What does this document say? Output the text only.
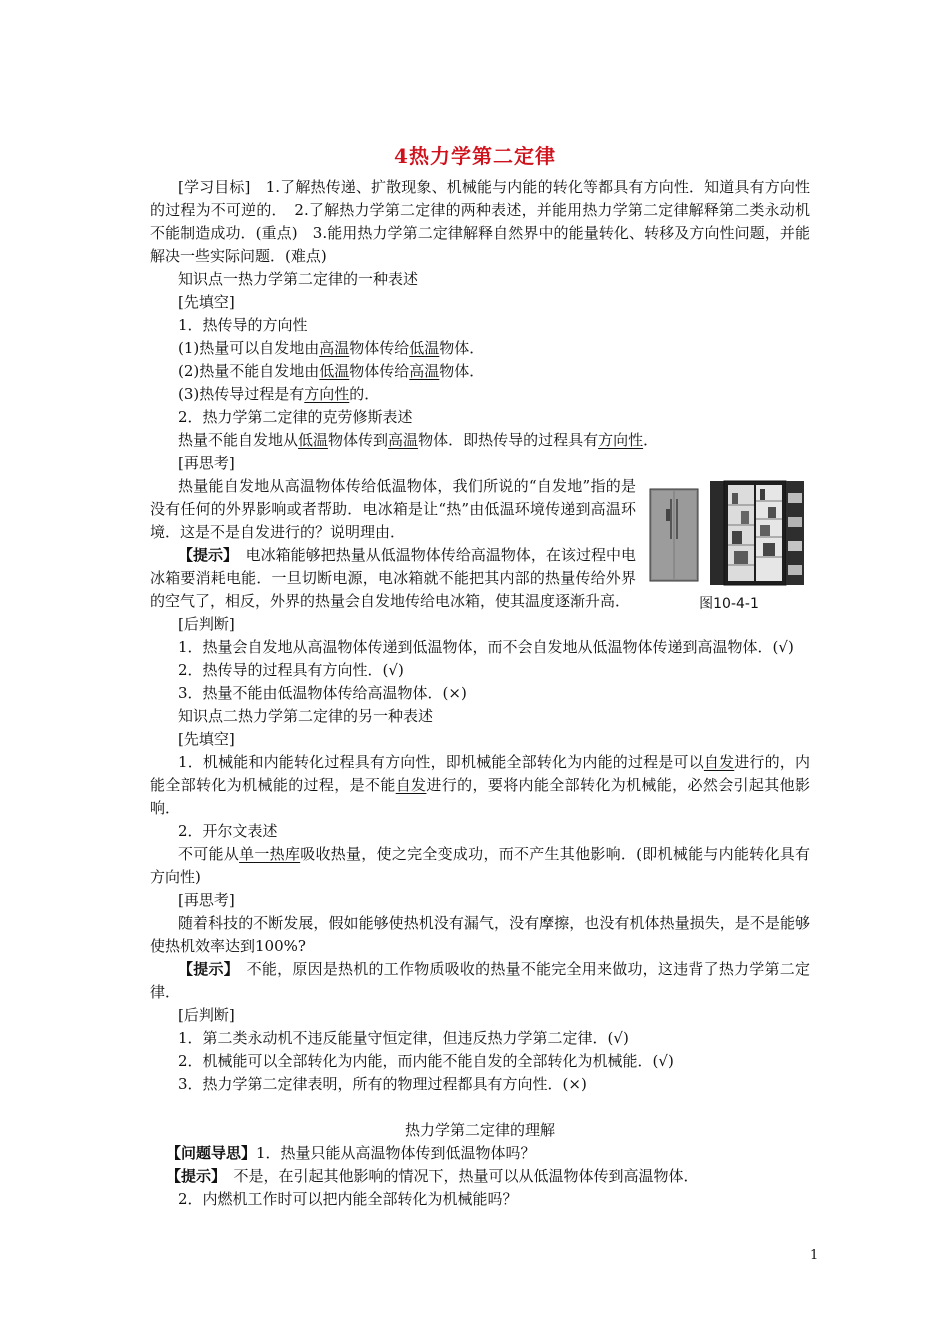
4热力学第二定律

[学习目标]　 1.了解热传递、扩散现象、机械能与内能的转化等都具有方向性．知道具有方向性的过程为不可逆的．　2.了解热力学第二定律的两种表述，并能用热力学第二定律解释第二类永动机不能制造成功．(重点)　3.能用热力学第二定律解释自然界中的能量转化、转移及方向性问题，并能解决一些实际问题．(难点)

知识点一热力学第二定律的一种表述

[先填空]

1．热传导的方向性

(1)热量可以自发地由高温物体传给低温物体．

(2)热量不能自发地由低温物体传给高温物体．

(3)热传导过程是有方向性的．

2．热力学第二定律的克劳修斯表述

热量不能自发地从低温物体传到高温物体．即热传导的过程具有方向性．

[再思考]

图10-4-1

热量能自发地从高温物体传给低温物体，我们所说的“自发地”指的是没有任何的外界影响或者帮助．电冰箱是让“热”由低温环境传递到高温环境．这是不是自发进行的？说明理由．

【提示】　电冰箱能够把热量从低温物体传给高温物体，在该过程中电冰箱要消耗电能．一旦切断电源，电冰箱就不能把其内部的热量传给外界的空气了，相反，外界的热量会自发地传给电冰箱，使其温度逐渐升高．

[后判断]

1．热量会自发地从高温物体传递到低温物体，而不会自发地从低温物体传递到高温物体．(√)

2．热传导的过程具有方向性．(√)

3．热量不能由低温物体传给高温物体．(×)

知识点二热力学第二定律的另一种表述

[先填空]

1．机械能和内能转化过程具有方向性，即机械能全部转化为内能的过程是可以自发进行的，内能全部转化为机械能的过程，是不能自发进行的，要将内能全部转化为机械能，必然会引起其他影响．

2．开尔文表述

不可能从单一热库吸收热量，使之完全变成功，而不产生其他影响．(即机械能与内能转化具有方向性)

[再思考]

随着科技的不断发展，假如能够使热机没有漏气，没有摩擦，也没有机体热量损失，是不是能够使热机效率达到100%?

【提示】　不能，原因是热机的工作物质吸收的热量不能完全用来做功，这违背了热力学第二定律．

[后判断]

1．第二类永动机不违反能量守恒定律，但违反热力学第二定律．(√)

2．机械能可以全部转化为内能，而内能不能自发的全部转化为机械能．(√)

3．热力学第二定律表明，所有的物理过程都具有方向性．(×)

热力学第二定律的理解

【问题导思】1．热量只能从高温物体传到低温物体吗？

【提示】　不是，在引起其他影响的情况下，热量可以从低温物体传到高温物体．

2．内燃机工作时可以把内能全部转化为机械能吗？

1
